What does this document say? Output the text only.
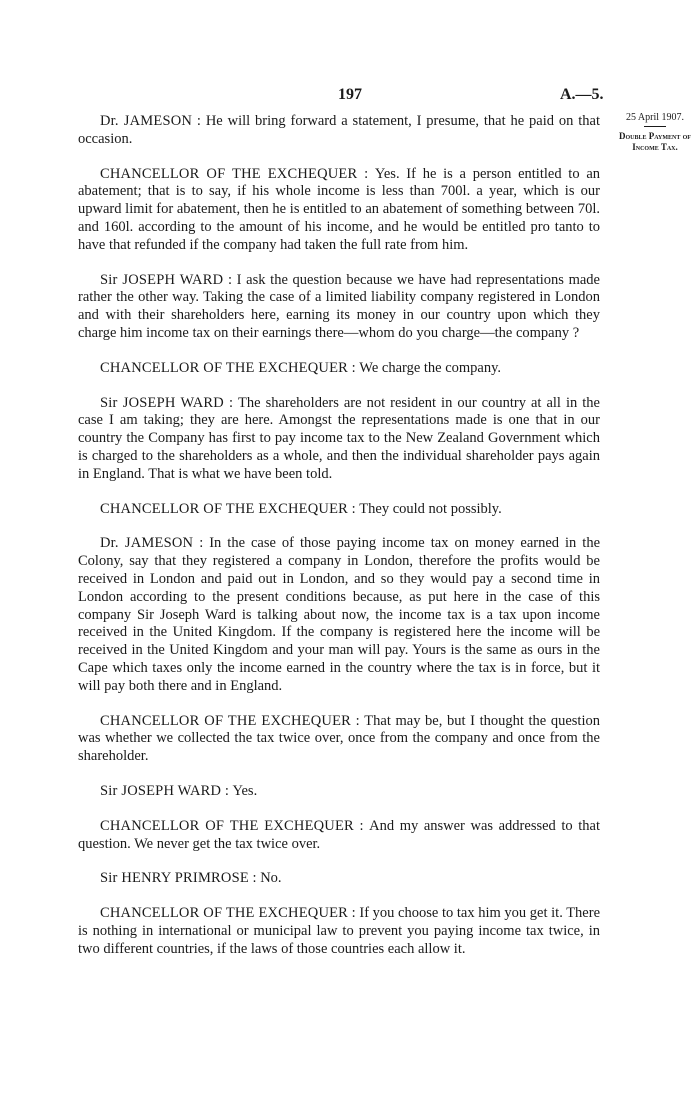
197	A.—5.
25 April 1907.
Double Payment of Income Tax.

Dr. JAMESON : He will bring forward a statement, I presume, that he paid on that occasion.

CHANCELLOR OF THE EXCHEQUER : Yes. If he is a person entitled to an abatement; that is to say, if his whole income is less than 700l. a year, which is our upward limit for abatement, then he is entitled to an abatement of something between 70l. and 160l. according to the amount of his income, and he would be entitled pro tanto to have that refunded if the company had taken the full rate from him.

Sir JOSEPH WARD : I ask the question because we have had representations made rather the other way. Taking the case of a limited liability company registered in London and with their shareholders here, earning its money in our country upon which they charge him income tax on their earnings there—whom do you charge—the company ?

CHANCELLOR OF THE EXCHEQUER : We charge the company.

Sir JOSEPH WARD : The shareholders are not resident in our country at all in the case I am taking; they are here. Amongst the representations made is one that in our country the Company has first to pay income tax to the New Zealand Government which is charged to the shareholders as a whole, and then the individual shareholder pays again in England. That is what we have been told.

CHANCELLOR OF THE EXCHEQUER : They could not possibly.

Dr. JAMESON : In the case of those paying income tax on money earned in the Colony, say that they registered a company in London, therefore the profits would be received in London and paid out in London, and so they would pay a second time in London according to the present conditions because, as put here in the case of this company Sir Joseph Ward is talking about now, the income tax is a tax upon income received in the United Kingdom. If the company is registered here the income will be received in the United Kingdom and your man will pay. Yours is the same as ours in the Cape which taxes only the income earned in the country where the tax is in force, but it will pay both there and in England.

CHANCELLOR OF THE EXCHEQUER : That may be, but I thought the question was whether we collected the tax twice over, once from the company and once from the shareholder.

Sir JOSEPH WARD : Yes.

CHANCELLOR OF THE EXCHEQUER : And my answer was addressed to that question. We never get the tax twice over.

Sir HENRY PRIMROSE : No.

CHANCELLOR OF THE EXCHEQUER : If you choose to tax him you get it. There is nothing in international or municipal law to prevent you paying income tax twice, in two different countries, if the laws of those countries each allow it.
